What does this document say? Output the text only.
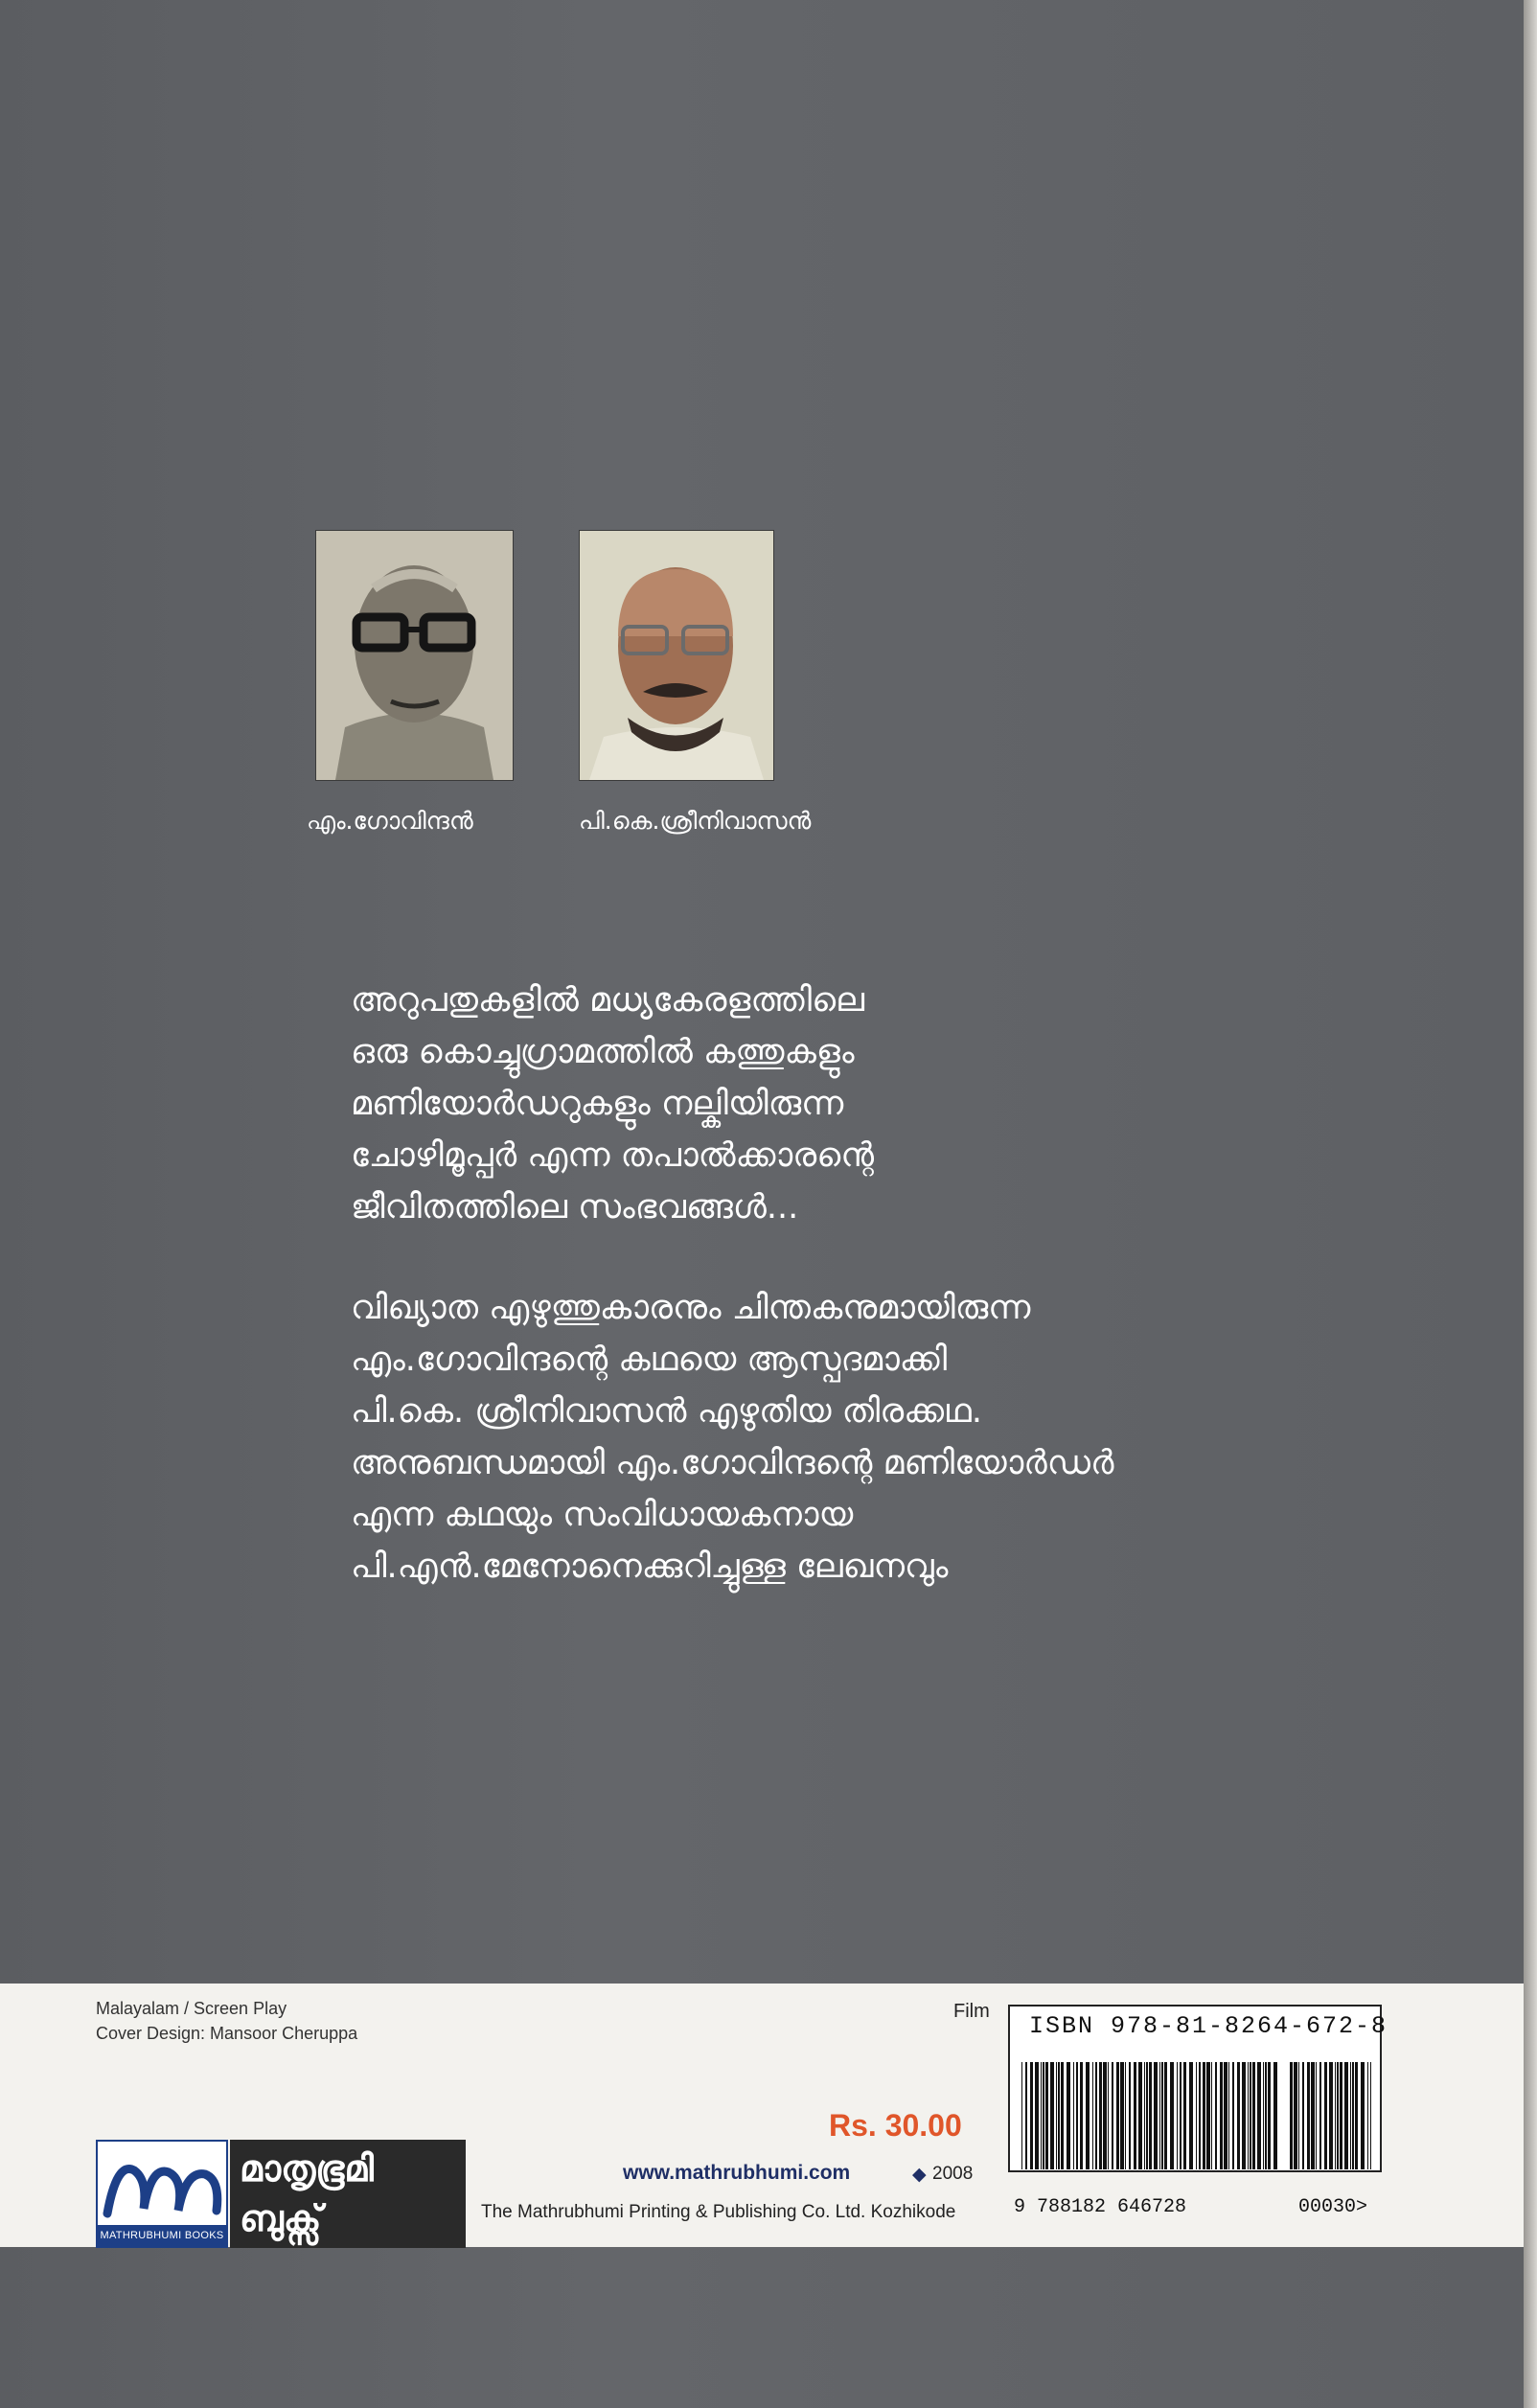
എം.ഗോവിന്ദൻ	പി.കെ.ശ്രീനിവാസൻ
അറുപതുകളിൽ മധ്യകേരളത്തിലെ
ഒരു കൊച്ചുഗ്രാമത്തിൽ കത്തുകളും
മണിയോർഡറുകളും നല്കിയിരുന്ന
ചോഴിമൂപ്പർ എന്ന തപാൽക്കാരന്റെ
ജീവിതത്തിലെ സംഭവങ്ങൾ...
വിഖ്യാത എഴുത്തുകാരനും ചിന്തകനുമായിരുന്ന
എം.ഗോവിന്ദന്റെ കഥയെ ആസ്പദമാക്കി
പി.കെ. ശ്രീനിവാസൻ എഴുതിയ തിരക്കഥ.
അനുബന്ധമായി എം.ഗോവിന്ദന്റെ മണിയോർഡർ
എന്ന കഥയും സംവിധായകനായ
പി.എൻ.മേനോനെക്കുറിച്ചുള്ള ലേഖനവും
Malayalam / Screen Play
Cover Design: Mansoor Cheruppa
MATHRUBHUMI BOOKS
മാതൃഭൂമി
ബുക്സ്
Rs. 30.00
www.mathrubhumi.com	◆ 2008
The Mathrubhumi Printing & Publishing Co. Ltd. Kozhikode
Film
ISBN 978-81-8264-672-8
9 788182 646728	00030>
